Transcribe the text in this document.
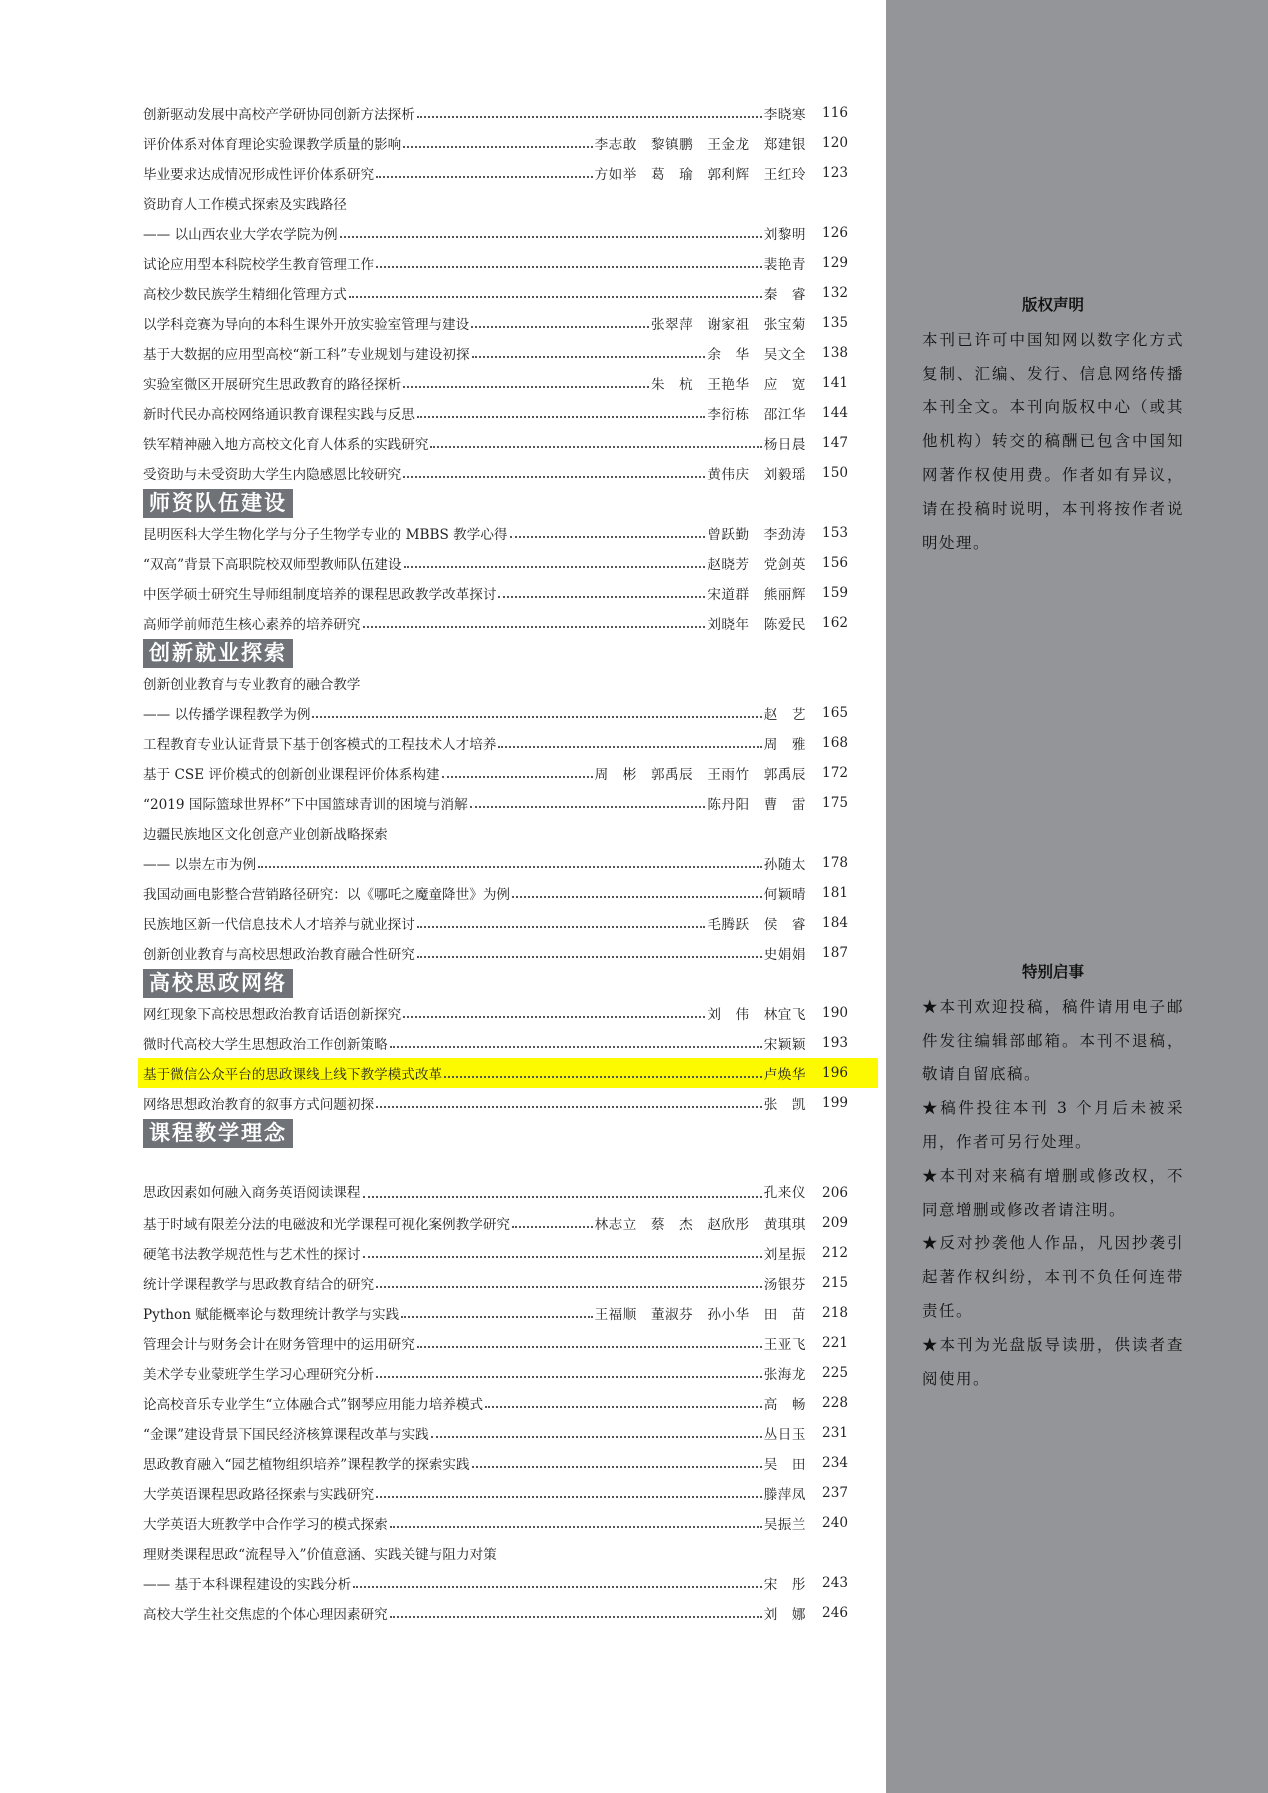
创新驱动发展中高校产学研协同创新方法探析	李晓寒	116
评价体系对体育理论实验课教学质量的影响	李志敢　黎镇鹏　王金龙　郑建银	120
毕业要求达成情况形成性评价体系研究	方如举　葛　瑜　郭利辉　王红玲	123
资助育人工作模式探索及实践路径
—— 以山西农业大学农学院为例	刘黎明	126
试论应用型本科院校学生教育管理工作	裴艳青	129
高校少数民族学生精细化管理方式	秦　睿	132
以学科竞赛为导向的本科生课外开放实验室管理与建设	张翠萍　谢家祖　张宝菊	135
基于大数据的应用型高校“新工科”专业规划与建设初探	余　华　吴文全	138
实验室微区开展研究生思政教育的路径探析	朱　杭　王艳华　应　宽	141
新时代民办高校网络通识教育课程实践与反思	李衍栋　邵江华	144
铁军精神融入地方高校文化育人体系的实践研究	杨日晨	147
受资助与未受资助大学生内隐感恩比较研究	黄伟庆　刘毅瑶	150
师资队伍建设
昆明医科大学生物化学与分子生物学专业的 MBBS 教学心得	曾跃勤　李劲涛	153
“双高”背景下高职院校双师型教师队伍建设	赵晓芳　党剑英	156
中医学硕士研究生导师组制度培养的课程思政教学改革探讨	宋道群　熊丽辉	159
高师学前师范生核心素养的培养研究	刘晓年　陈爱民	162
创新就业探索
创新创业教育与专业教育的融合教学
—— 以传播学课程教学为例	赵　艺	165
工程教育专业认证背景下基于创客模式的工程技术人才培养	周　雅	168
基于 CSE 评价模式的创新创业课程评价体系构建	周　彬　郭禹辰　王雨竹　郭禹辰	172
“2019 国际篮球世界杯”下中国篮球青训的困境与消解	陈丹阳　曹　雷	175
边疆民族地区文化创意产业创新战略探索
—— 以崇左市为例	孙随太	178
我国动画电影整合营销路径研究：以《哪吒之魔童降世》为例	何颖晴	181
民族地区新一代信息技术人才培养与就业探讨	毛腾跃　侯　睿	184
创新创业教育与高校思想政治教育融合性研究	史娟娟	187
高校思政网络
网红现象下高校思想政治教育话语创新探究	刘　伟　林宜飞	190
微时代高校大学生思想政治工作创新策略	宋颖颖	193
基于微信公众平台的思政课线上线下教学模式改革	卢焕华	196
网络思想政治教育的叙事方式问题初探	张　凯	199
课程教学理念
思政因素如何融入商务英语阅读课程	孔来仪	206
基于时域有限差分法的电磁波和光学课程可视化案例教学研究	林志立　蔡　杰　赵欣彤　黄琪琪	209
硬笔书法教学规范性与艺术性的探讨	刘星振	212
统计学课程教学与思政教育结合的研究	汤银芬	215
Python 赋能概率论与数理统计教学与实践	王福顺　董淑芬　孙小华　田　苗	218
管理会计与财务会计在财务管理中的运用研究	王亚飞	221
美术学专业蒙班学生学习心理研究分析	张海龙	225
论高校音乐专业学生“立体融合式”钢琴应用能力培养模式	高　畅	228
“金课”建设背景下国民经济核算课程改革与实践	丛日玉	231
思政教育融入“园艺植物组织培养”课程教学的探索实践	吴　田	234
大学英语课程思政路径探索与实践研究	滕萍凤	237
大学英语大班教学中合作学习的模式探索	吴振兰	240
理财类课程思政“流程导入”价值意涵、实践关键与阻力对策
—— 基于本科课程建设的实践分析	宋　彤	243
高校大学生社交焦虑的个体心理因素研究	刘　娜	246
版权声明
本刊已许可中国知网以数字化方式复制、汇编、发行、信息网络传播本刊全文。本刊向版权中心（或其他机构）转交的稿酬已包含中国知网著作权使用费。作者如有异议，请在投稿时说明，本刊将按作者说明处理。
特别启事
★本刊欢迎投稿，稿件请用电子邮件发往编辑部邮箱。本刊不退稿，敬请自留底稿。
★稿件投往本刊 3 个月后未被采用，作者可另行处理。
★本刊对来稿有增删或修改权，不同意增删或修改者请注明。
★反对抄袭他人作品，凡因抄袭引起著作权纠纷，本刊不负任何连带责任。
★本刊为光盘版导读册，供读者查阅使用。
